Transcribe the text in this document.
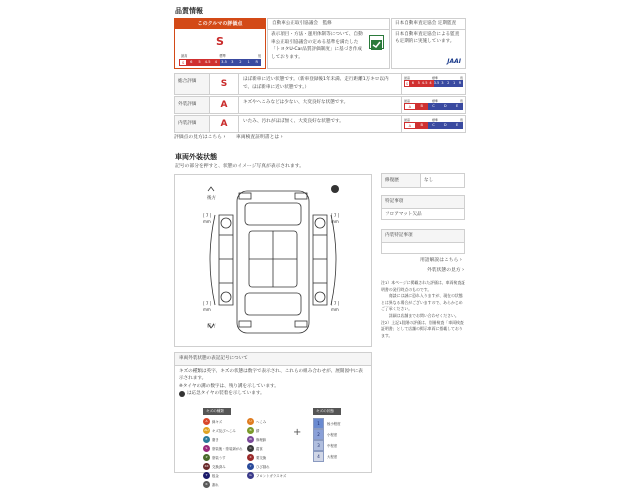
品質情報
このクルマの評価点
S
最高	標準	低
S	6	5	4.5	4	3.5	3	2	1	R
自動車公正取引協議会　監修
表示項目・方法・運用体制等について、自動車公正取引協議会の定める基準を満たした「トヨタU-Car品質評価制度」に基づき作成しております。
日本自動車査定協会 定期監査
日本自動車査定協会による監査も定期的に実施しています。
JAAI
総合評価	S	ほぼ新車に近い状態です。（新車登録後1年未満、走行距離1万キロ以内で、ほぼ新車に近い状態です。）
最高	標準	低
S	6 5 4.5 4 3.5 3 2 1 R
外装評価	A	キズやへこみなどは少ない、大変良好な状態です。	最高	標準	低
A	B	C	D	E
内装評価	A	いたみ、汚れがほぼ無く、大変良好な状態です。	最高	標準	低
A	B	C	D	E
評価点の見方はこちら ›	車両検査証明書とは ›
車両外装状態
記号の部分を押すと、状態のイメージ写真が表示されます。
後方
前方
[ 7 ]
mm
[ 7 ]
mm
[ 7 ]
mm
[ 7 ]
mm
修復歴	なし
特記事項
フロアマット欠品
内装特記事項
用語解説はこちら ›
外装状態の見方 ›
注1）本ページに掲載された評価は、車両検査証明書の発行時点のものです。
　　商談には誠に恐れ入りますが、現在の状態とは異なる場合がございますので、あらかじめご了承ください。
　　詳細は店舗までお問い合わせください。
注2）上記1段階の評価は、別冊検査「車両検査証明書」として店舗の掲示車両に搭載しております。
車両外装状態の表記記号について
キズの種類は英字、キズの状態は数字で表示され、これらの組み合わせが、展開図中に表示されます。
※タイヤの溝の数字は、残り溝を示しています。
は応急タイヤの装着を示しています。
キズの種類
A	線キズ	U	へこみ
AU キズ及びへこみ	B	錆
E	磨き	W	修理跡
S	塗装後・塗装剥がれ	C	腐食
P	塗装うす	X	要交換
XX	交換済み	Y	ひび割れ
T	板金	G	フロントガラスキズ
R	割れ
+
キズの状態
1	極小程度
2	小程度
3	中程度
4	大程度
